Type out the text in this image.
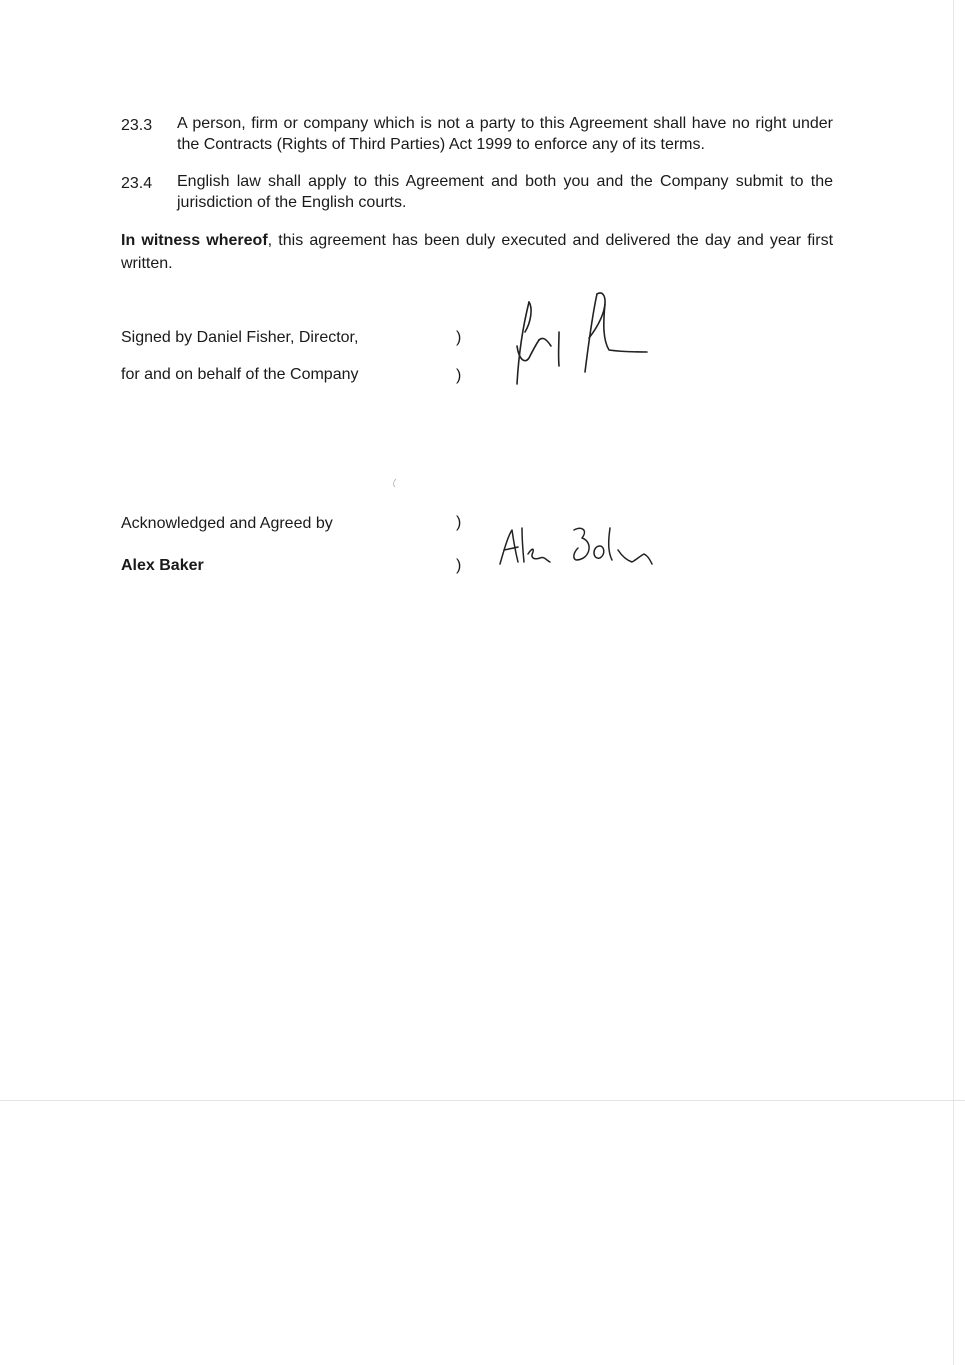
23.3	A person, firm or company which is not a party to this Agreement shall have no right under the Contracts (Rights of Third Parties) Act 1999 to enforce any of its terms.
23.4	English law shall apply to this Agreement and both you and the Company submit to the jurisdiction of the English courts.
In witness whereof, this agreement has been duly executed and delivered the day and year first written.
Signed by Daniel Fisher, Director,
for and on behalf of the Company
)
)
Acknowledged and Agreed by
Alex Baker
)
)
